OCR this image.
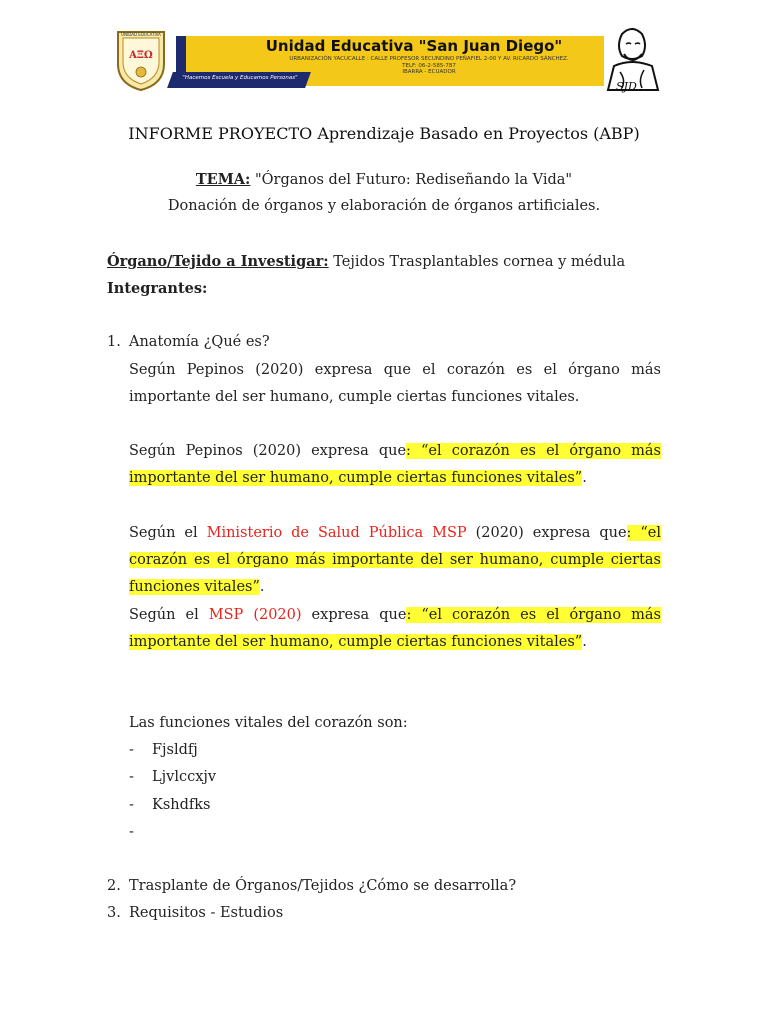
UNIDAD EDUCATIVA
ΑΞΩ
Unidad Educativa "San Juan Diego"
URBANIZACIÓN YACUCALLE : CALLE PROFESOR SECUNDINO PEÑAFIEL 2-00 Y AV. RICARDO SÁNCHEZ.
TELF: 06-2-585-787
IBARRA - ECUADOR
"Hacemos Escuela y Educamos Personas"
SJD
INFORME PROYECTO Aprendizaje Basado en Proyectos (ABP)
TEMA: "Órganos del Futuro: Rediseñando la Vida"
Donación de órganos y elaboración de órganos artificiales.
Órgano/Tejido a Investigar: Tejidos Trasplantables cornea y médula
Integrantes:
1. Anatomía ¿Qué es?
Según Pepinos (2020) expresa que el corazón es el órgano más importante del ser humano, cumple ciertas funciones vitales.
Según Pepinos (2020) expresa que: “el corazón es el órgano más importante del ser humano, cumple ciertas funciones vitales”.
Según el Ministerio de Salud Pública MSP (2020) expresa que: “el corazón es el órgano más importante del ser humano, cumple ciertas funciones vitales”.
Según el MSP (2020) expresa que: “el corazón es el órgano más importante del ser humano, cumple ciertas funciones vitales”.
Las funciones vitales del corazón son:
- Fjsldfj
- Ljvlccxjv
- Kshdfks
-
2. Trasplante de Órganos/Tejidos ¿Cómo se desarrolla?
3. Requisitos - Estudios
